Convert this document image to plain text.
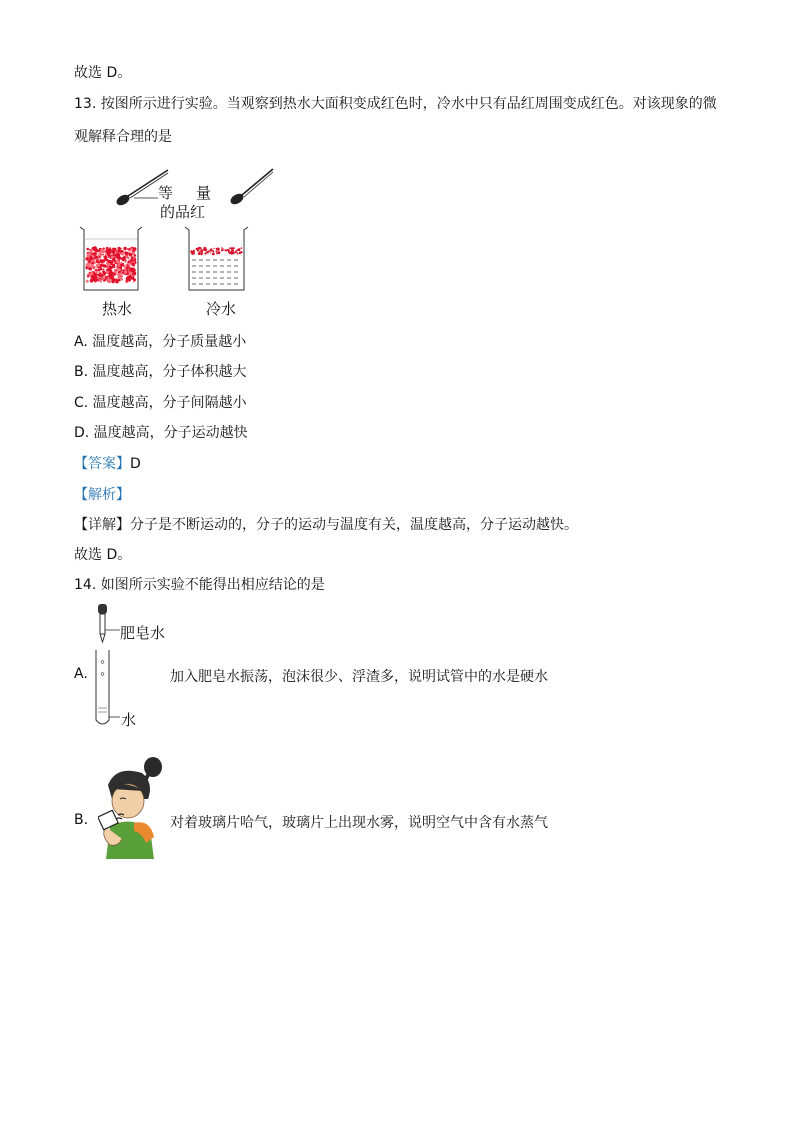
故选 D。
13. 按图所示进行实验。当观察到热水大面积变成红色时，冷水中只有品红周围变成红色。对该现象的微
观解释合理的是
等　量
的品红
热水	冷水
A. 温度越高，分子质量越小
B. 温度越高，分子体积越大
C. 温度越高，分子间隔越小
D. 温度越高，分子运动越快
【答案】D
【解析】
【详解】分子是不断运动的，分子的运动与温度有关，温度越高，分子运动越快。
故选 D。
14. 如图所示实验不能得出相应结论的是
肥皂水
水
A.	加入肥皂水振荡，泡沫很少、浮渣多，说明试管中的水是硬水
B.	对着玻璃片哈气，玻璃片上出现水雾，说明空气中含有水蒸气
